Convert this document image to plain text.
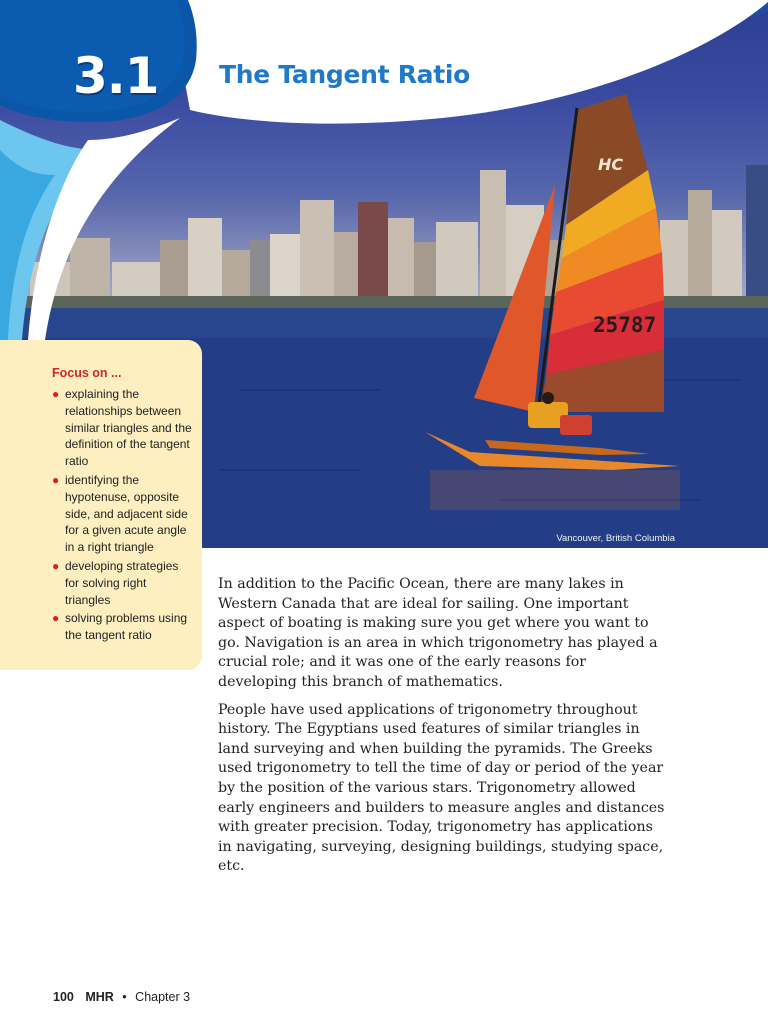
25787
HC
Vancouver, British Columbia
3.1 The Tangent Ratio
Focus on ...
● explaining the relationships between similar triangles and the definition of the tangent ratio
● identifying the hypotenuse, opposite side, and adjacent side for a given acute angle in a right triangle
● developing strategies for solving right triangles
● solving problems using the tangent ratio

In addition to the Pacific Ocean, there are many lakes in Western Canada that are ideal for sailing. One important aspect of boating is making sure you get where you want to go. Navigation is an area in which trigonometry has played a crucial role; and it was one of the early reasons for developing this branch of mathematics.

People have used applications of trigonometry throughout history. The Egyptians used features of similar triangles in land surveying and when building the pyramids. The Greeks used trigonometry to tell the time of day or period of the year by the position of the various stars. Trigonometry allowed early engineers and builders to measure angles and distances with greater precision. Today, trigonometry has applications in navigating, surveying, designing buildings, studying space, etc.

100 MHR • Chapter 3
